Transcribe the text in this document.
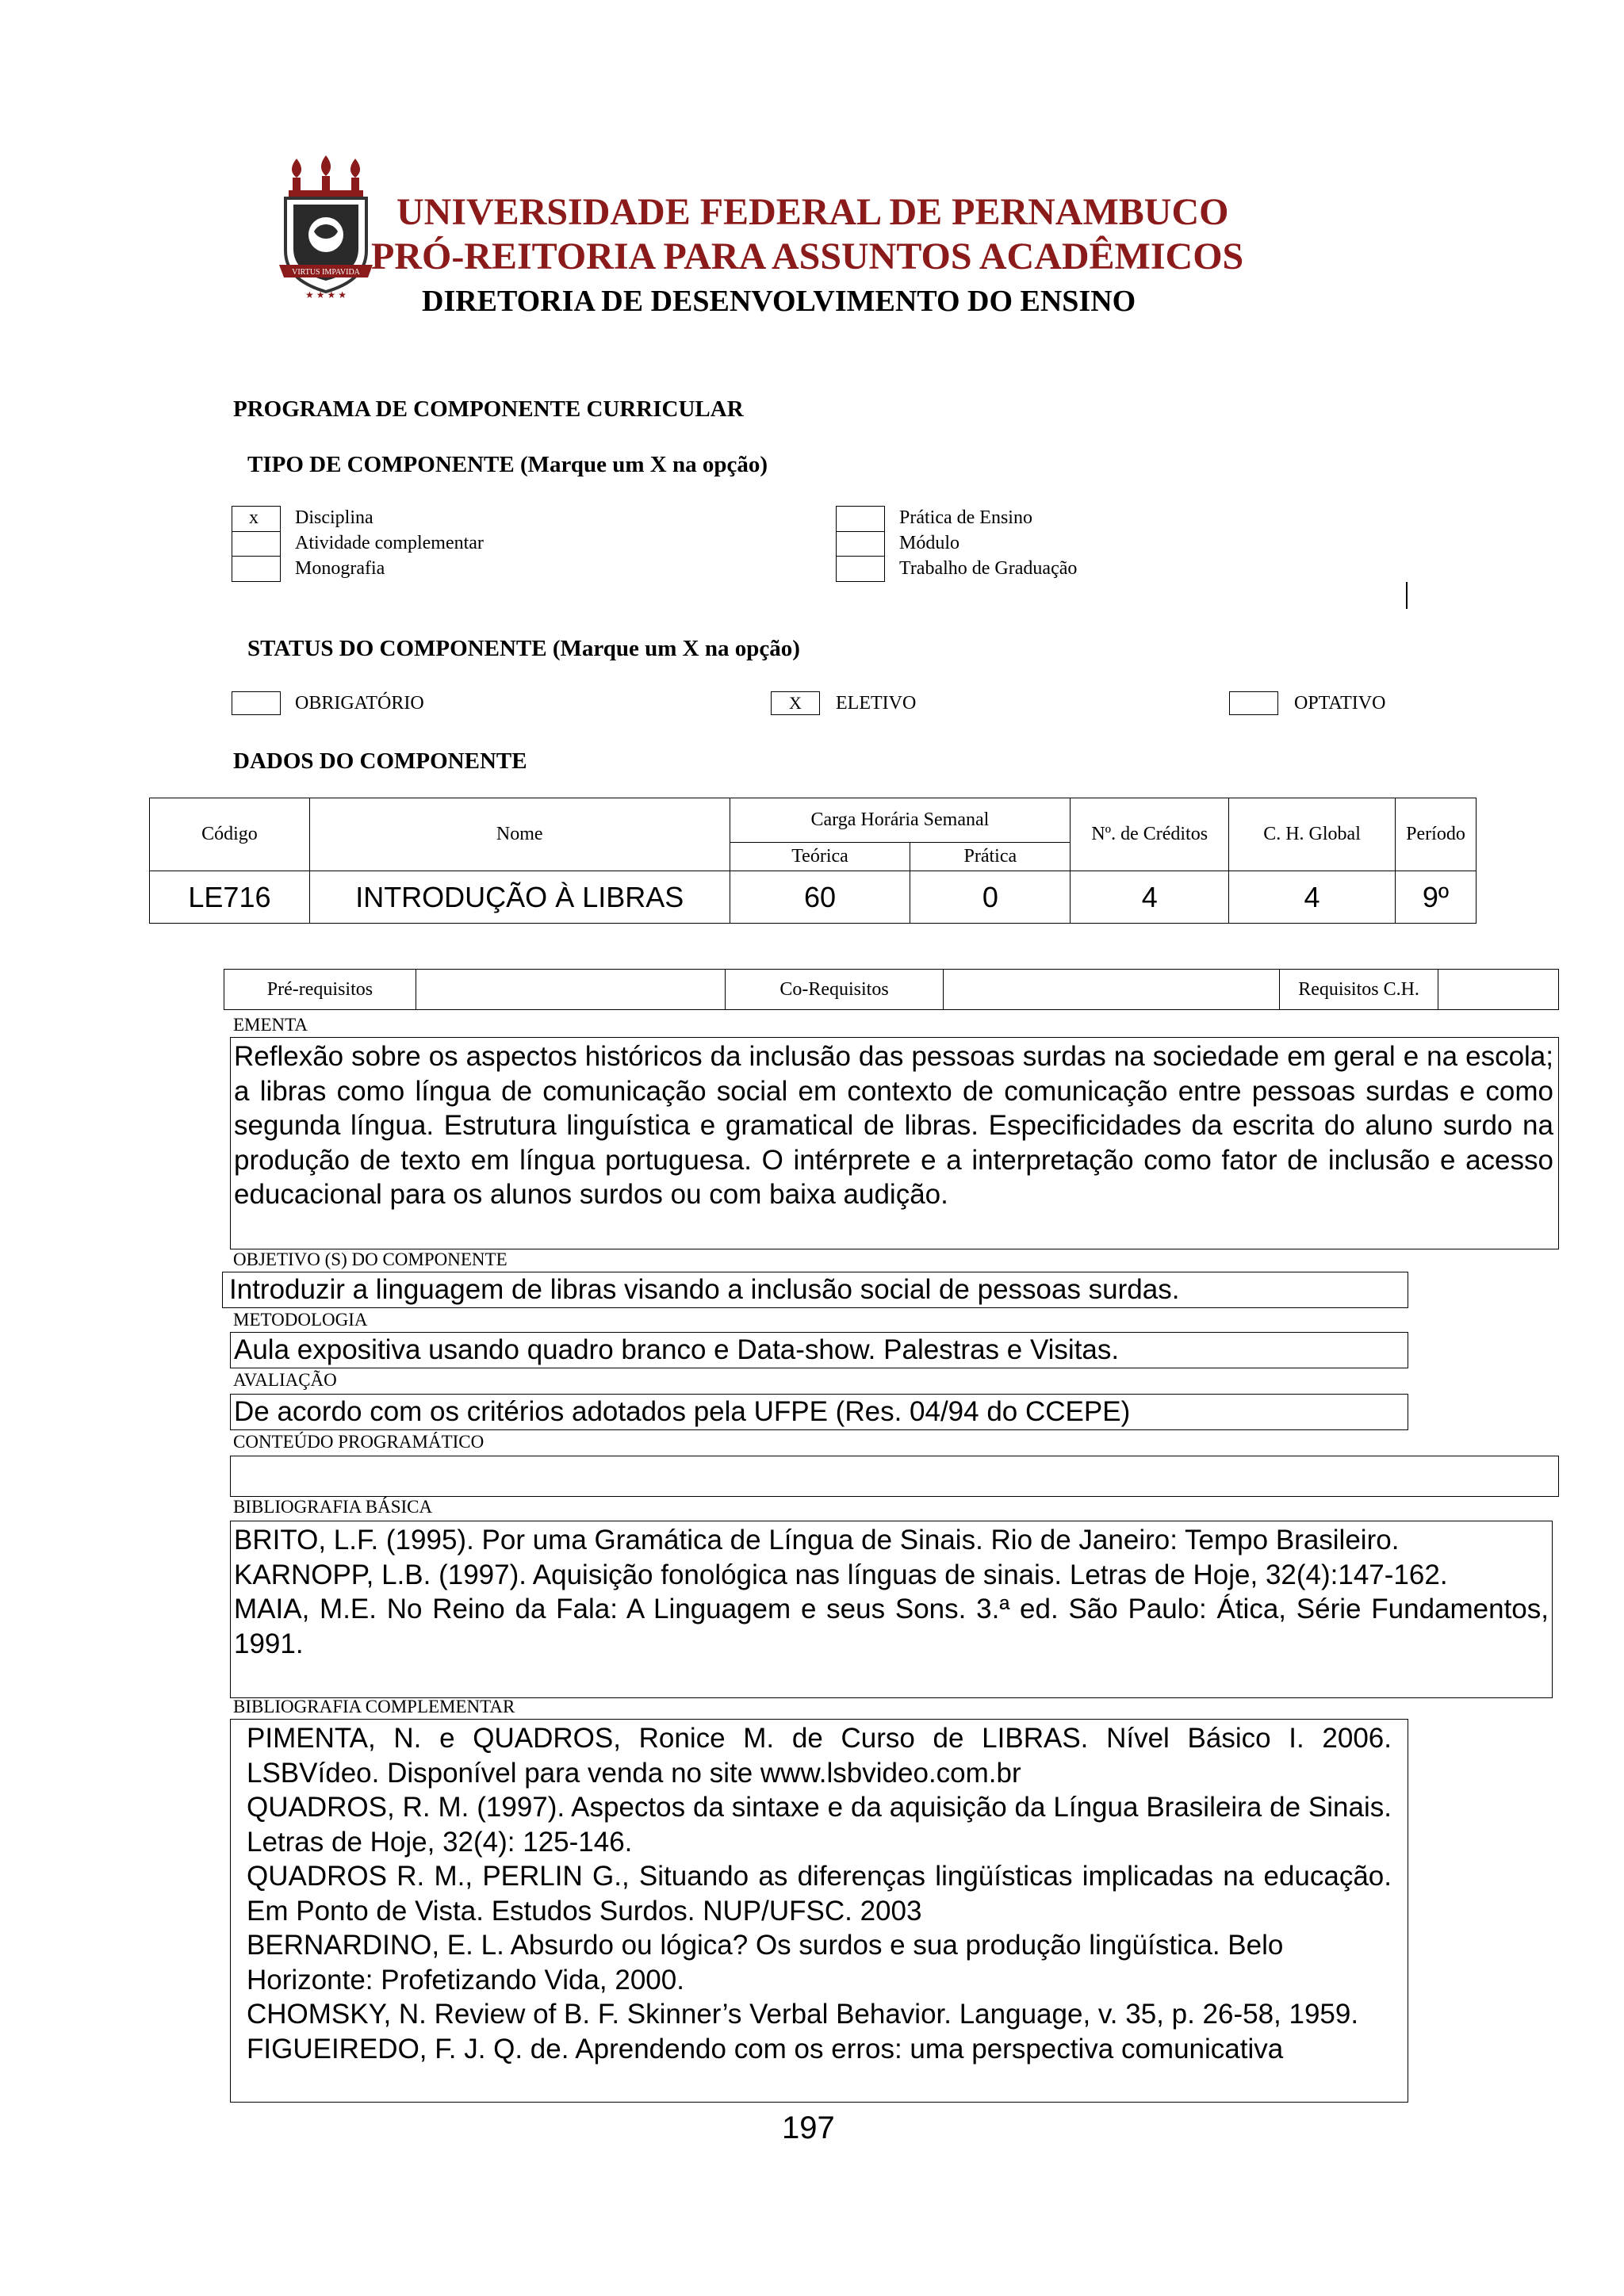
VIRTUS IMPAVIDA
★ ★ ★ ★
UNIVERSIDADE FEDERAL DE PERNAMBUCO
PRÓ-REITORIA PARA ASSUNTOS ACADÊMICOS
DIRETORIA DE DESENVOLVIMENTO DO ENSINO
PROGRAMA DE COMPONENTE CURRICULAR
TIPO DE COMPONENTE (Marque um X na opção)
x Disciplina
Atividade complementar
Monografia
Prática de Ensino
Módulo
Trabalho de Graduação
STATUS DO COMPONENTE (Marque um X na opção)
OBRIGATÓRIO	X	ELETIVO	OPTATIVO
DADOS DO COMPONENTE
Código	Nome	Carga Horária Semanal		Nº. de Créditos	C. H. Global	Período
		Teórica	Prática			
LE716	INTRODUÇÃO À LIBRAS	60	0	4	4	9º
Pré-requisitos		Co-Requisitos		Requisitos C.H.	
EMENTA
Reflexão sobre os aspectos históricos da inclusão das pessoas surdas na sociedade em geral e na escola; a libras como língua de comunicação social em contexto de comunicação entre pessoas surdas e como segunda língua. Estrutura linguística e gramatical de libras. Especificidades da escrita do aluno surdo na produção de texto em língua portuguesa. O intérprete e a interpretação como fator de inclusão e acesso educacional para os alunos surdos ou com baixa audição.
OBJETIVO (S) DO COMPONENTE
Introduzir a linguagem de libras visando a inclusão social de pessoas surdas.
METODOLOGIA
Aula expositiva usando quadro branco e Data-show. Palestras e Visitas.
AVALIAÇÃO
De acordo com os critérios adotados pela UFPE (Res. 04/94 do CCEPE)
CONTEÚDO PROGRAMÁTICO
BIBLIOGRAFIA BÁSICA

BRITO, L.F. (1995). Por uma Gramática de Língua de Sinais. Rio de Janeiro: Tempo Brasileiro.

KARNOPP, L.B. (1997). Aquisição fonológica nas línguas de sinais. Letras de Hoje, 32(4):147-162.

MAIA, M.E. No Reino da Fala: A Linguagem e seus Sons. 3.ª ed. São Paulo: Ática, Série Fundamentos, 1991.

BIBLIOGRAFIA COMPLEMENTAR

PIMENTA, N. e QUADROS, Ronice M. de Curso de LIBRAS. Nível Básico I. 2006. LSBVídeo. Disponível para venda no site www.lsbvideo.com.br

QUADROS, R. M. (1997). Aspectos da sintaxe e da aquisição da Língua Brasileira de Sinais. Letras de Hoje, 32(4): 125-146.

QUADROS R. M., PERLIN G., Situando as diferenças lingüísticas implicadas na educação. Em Ponto de Vista. Estudos Surdos. NUP/UFSC. 2003

BERNARDINO, E. L. Absurdo ou lógica? Os surdos e sua produção lingüística. Belo Horizonte: Profetizando Vida, 2000.

CHOMSKY, N. Review of B. F. Skinner’s Verbal Behavior. Language, v. 35, p. 26-58, 1959.

FIGUEIREDO, F. J. Q. de. Aprendendo com os erros: uma perspectiva comunicativa

197
